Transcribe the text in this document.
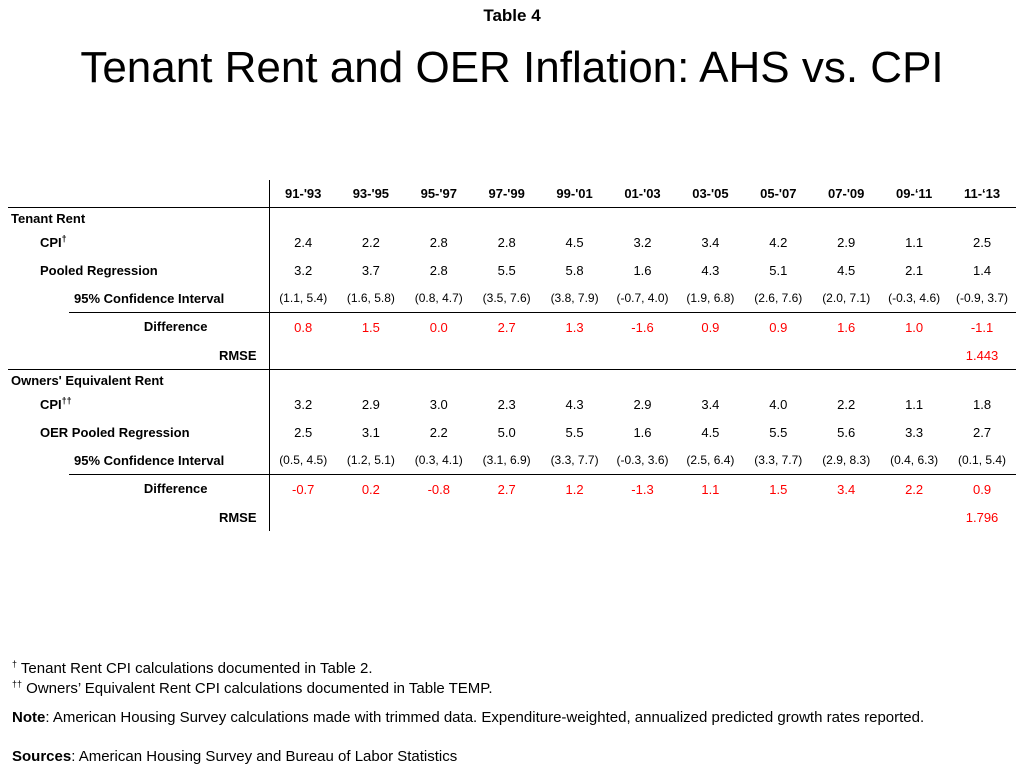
Table 4
Tenant Rent and OER Inflation: AHS vs. CPI
	91-'93	93-'95	95-'97	97-'99	99-'01	01-'03	03-'05	05-'07	07-'09	09-‘11	11-‘13
Tenant Rent											
CPI†	2.4	2.2	2.8	2.8	4.5	3.2	3.4	4.2	2.9	1.1	2.5
Pooled Regression	3.2	3.7	2.8	5.5	5.8	1.6	4.3	5.1	4.5	2.1	1.4
95% Confidence Interval	(1.1, 5.4)	(1.6, 5.8)	(0.8, 4.7)	(3.5, 7.6)	(3.8, 7.9)	(-0.7, 4.0)	(1.9, 6.8)	(2.6, 7.6)	(2.0, 7.1)	(-0.3, 4.6)	(-0.9, 3.7)
Difference	0.8	1.5	0.0	2.7	1.3	-1.6	0.9	0.9	1.6	1.0	-1.1
RMSE											1.443
Owners' Equivalent Rent											
CPI††	3.2	2.9	3.0	2.3	4.3	2.9	3.4	4.0	2.2	1.1	1.8
OER Pooled Regression	2.5	3.1	2.2	5.0	5.5	1.6	4.5	5.5	5.6	3.3	2.7
95% Confidence Interval	(0.5, 4.5)	(1.2, 5.1)	(0.3, 4.1)	(3.1, 6.9)	(3.3, 7.7)	(-0.3, 3.6)	(2.5, 6.4)	(3.3, 7.7)	(2.9, 8.3)	(0.4, 6.3)	(0.1, 5.4)
Difference	-0.7	0.2	-0.8	2.7	1.2	-1.3	1.1	1.5	3.4	2.2	0.9
RMSE											1.796
† Tenant Rent CPI calculations documented in Table 2.
†† Owners’ Equivalent Rent CPI calculations documented in Table TEMP.
Note: American Housing Survey calculations made with trimmed data. Expenditure-weighted, annualized predicted growth rates reported.
Sources: American Housing Survey and Bureau of Labor Statistics
